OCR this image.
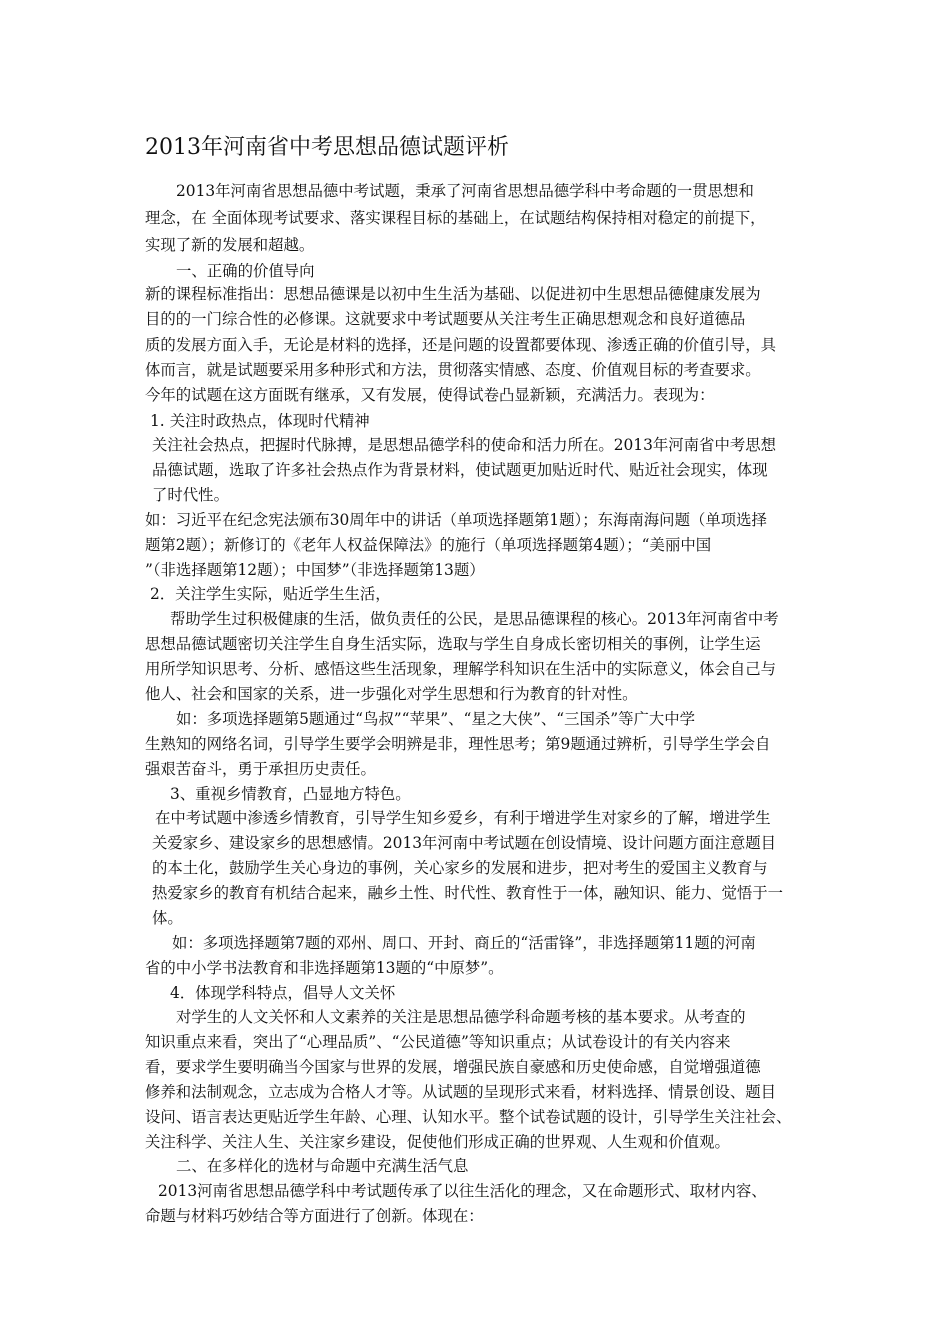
2013年河南省中考思想品德试题评析
2013年河南省思想品德中考试题，秉承了河南省思想品德学科中考命题的一贯思想和
理念，在 全面体现考试要求、落实课程目标的基础上，在试题结构保持相对稳定的前提下，
实现了新的发展和超越。
一、正确的价值导向
新的课程标准指出：思想品德课是以初中生生活为基础、以促进初中生思想品德健康发展为
目的的一门综合性的必修课。这就要求中考试题要从关注考生正确思想观念和良好道德品
质的发展方面入手，无论是材料的选择，还是问题的设置都要体现、渗透正确的价值引导，具
体而言，就是试题要采用多种形式和方法，贯彻落实情感、态度、价值观目标的考查要求。
今年的试题在这方面既有继承，又有发展，使得试卷凸显新颖，充满活力。表现为：
1. 关注时政热点，体现时代精神
关注社会热点，把握时代脉搏，是思想品德学科的使命和活力所在。2013年河南省中考思想
品德试题，选取了许多社会热点作为背景材料，使试题更加贴近时代、贴近社会现实，体现
了时代性。
如：习近平在纪念宪法颁布30周年中的讲话（单项选择题第1题）；东海南海问题（单项选择
题第2题）；新修订的《老年人权益保障法》的施行（单项选择题第4题）；“美丽中国
”（非选择题第12题）；中国梦”（非选择题第13题）
2．关注学生实际，贴近学生生活，
帮助学生过积极健康的生活，做负责任的公民，是思品德课程的核心。2013年河南省中考
思想品德试题密切关注学生自身生活实际，选取与学生自身成长密切相关的事例，让学生运
用所学知识思考、分析、感悟这些生活现象，理解学科知识在生活中的实际意义，体会自己与
他人、社会和国家的关系，进一步强化对学生思想和行为教育的针对性。
如：多项选择题第5题通过“鸟叔”“苹果”、“星之大侠”、“三国杀”等广大中学
生熟知的网络名词，引导学生要学会明辨是非，理性思考；第9题通过辨析，引导学生学会自
强艰苦奋斗，勇于承担历史责任。
3、重视乡情教育，凸显地方特色。
在中考试题中渗透乡情教育，引导学生知乡爱乡，有利于增进学生对家乡的了解，增进学生
关爱家乡、建设家乡的思想感情。2013年河南中考试题在创设情境、设计问题方面注意题目
的本土化，鼓励学生关心身边的事例，关心家乡的发展和进步，把对考生的爱国主义教育与
热爱家乡的教育有机结合起来，融乡土性、时代性、教育性于一体，融知识、能力、觉悟于一
体。
如：多项选择题第7题的邓州、周口、开封、商丘的“活雷锋”，非选择题第11题的河南
省的中小学书法教育和非选择题第13题的“中原梦”。
4．体现学科特点，倡导人文关怀
对学生的人文关怀和人文素养的关注是思想品德学科命题考核的基本要求。从考查的
知识重点来看，突出了“心理品质”、“公民道德”等知识重点；从试卷设计的有关内容来
看，要求学生要明确当今国家与世界的发展，增强民族自豪感和历史使命感，自觉增强道德
修养和法制观念，立志成为合格人才等。从试题的呈现形式来看，材料选择、情景创设、题目
设问、语言表达更贴近学生年龄、心理、认知水平。整个试卷试题的设计，引导学生关注社会、
关注科学、关注人生、关注家乡建设，促使他们形成正确的世界观、人生观和价值观。
二、在多样化的选材与命题中充满生活气息
2013河南省思想品德学科中考试题传承了以往生活化的理念，又在命题形式、取材内容、
命题与材料巧妙结合等方面进行了创新。体现在：
